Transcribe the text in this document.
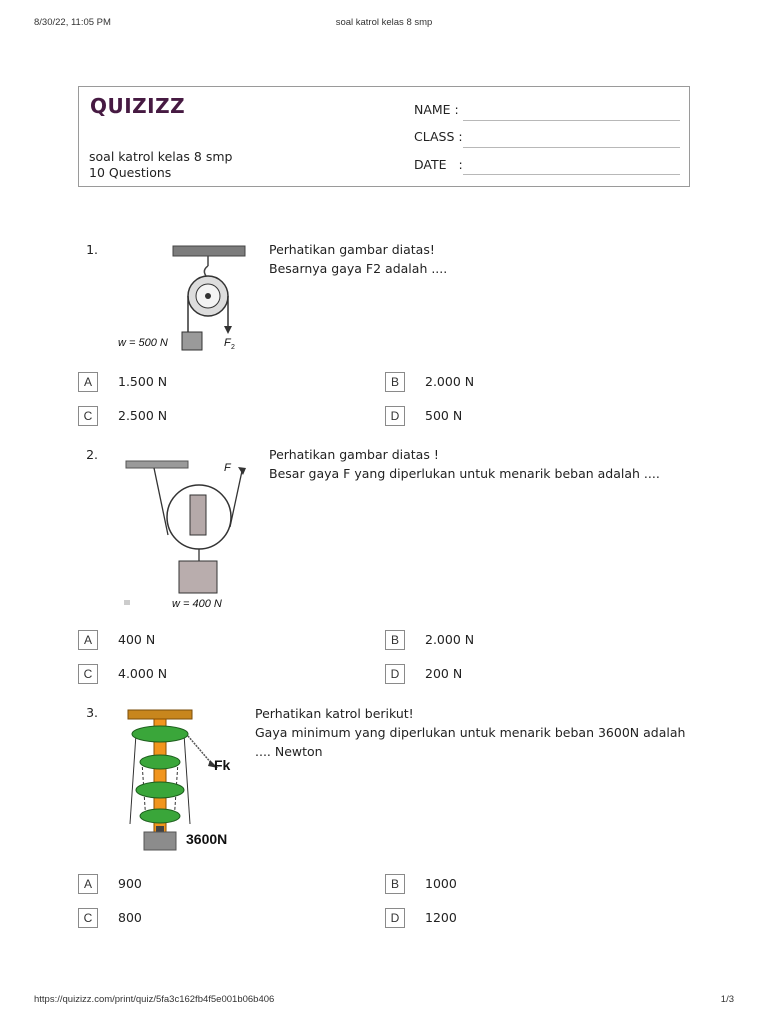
8/30/22, 11:05 PM	soal katrol kelas 8 smp
QUIZIZZ
soal katrol kelas 8 smp
10 Questions
NAME :
CLASS :
DATE   :
1.
w = 500 N	F 2
Perhatikan gambar diatas!
Besarnya gaya F2 adalah ....
A	1.500 N	B	2.000 N
C	2.500 N	D	500 N
2.
F
w = 400 N
Perhatikan gambar diatas !
Besar gaya F yang diperlukan untuk menarik beban adalah ....
A	400 N	B	2.000 N
C	4.000 N	D	200 N
3.
Fk
3600N
Perhatikan katrol berikut!
Gaya minimum yang diperlukan untuk menarik beban 3600N adalah
.... Newton
A	900	B	1000
C	800	D	1200
https://quizizz.com/print/quiz/5fa3c162fb4f5e001b06b406	1/3
